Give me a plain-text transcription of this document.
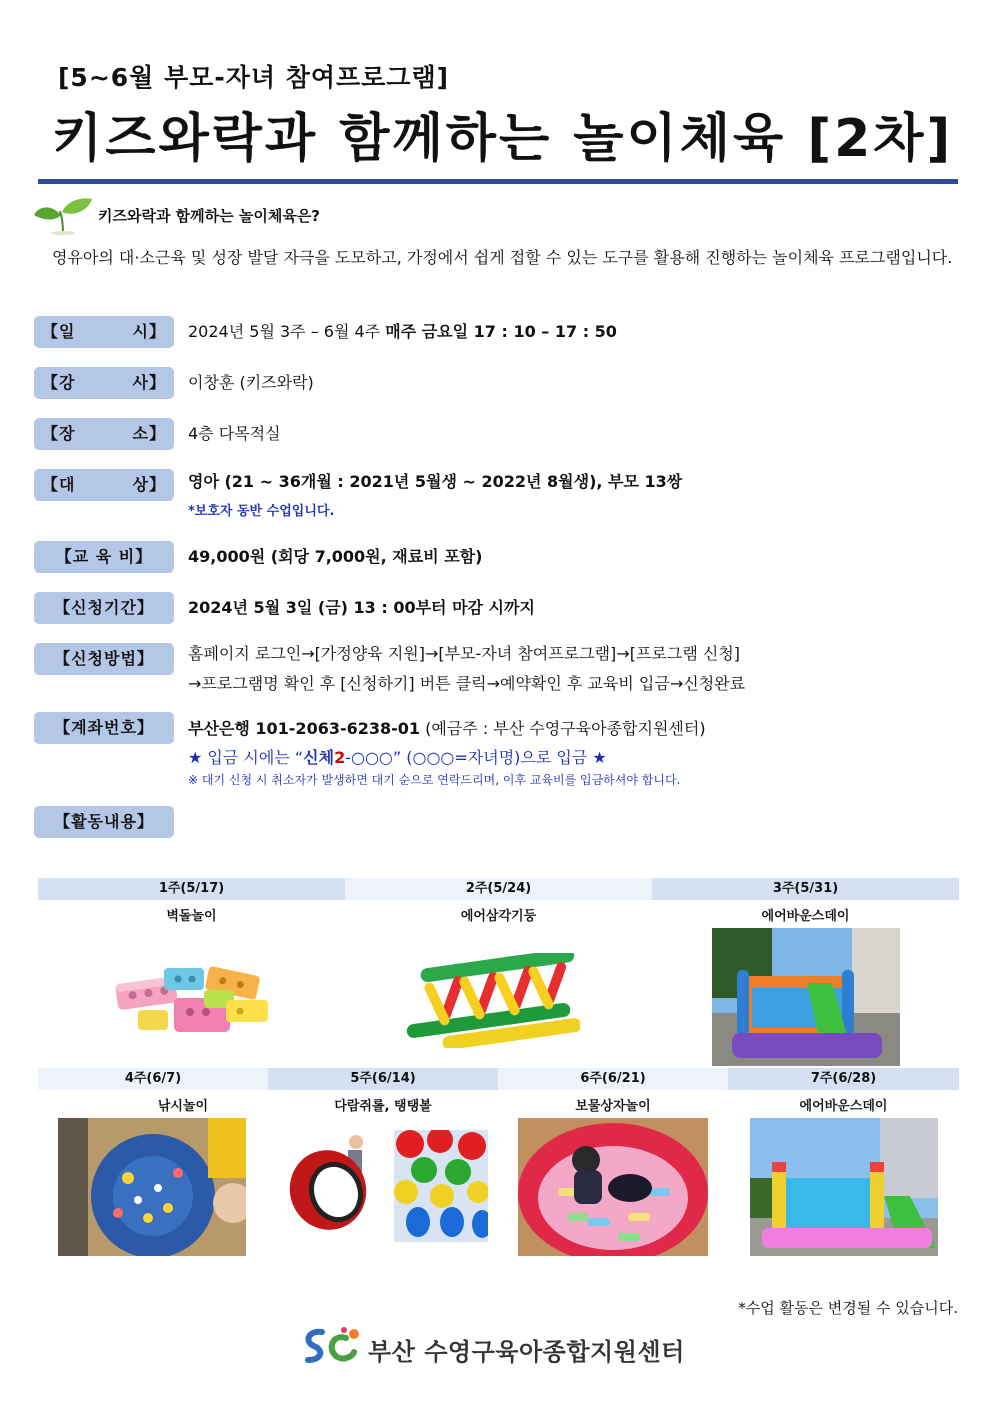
[5~6월 부모-자녀 참여프로그램]
키즈와락과 함께하는 놀이체육 [2차]
키즈와락과 함께하는 놀이체육은?
영유아의 대·소근육 및 성장 발달 자극을 도모하고, 가정에서 쉽게 접할 수 있는 도구를 활용해 진행하는 놀이체육 프로그램입니다.
【일	시】 2024년 5월 3주 – 6월 4주 매주 금요일 17 : 10 – 17 : 50
【강	사】 이창훈 (키즈와락)
【장	소】 4층 다목적실
【대	상】 영아 (21 ~ 36개월 : 2021년 5월생 ~ 2022년 8월생), 부모 13쌍
*보호자 동반 수업입니다.
【교 육 비】	49,000원 (회당 7,000원, 재료비 포함)
【신청기간】	2024년 5월 3일 (금) 13 : 00부터 마감 시까지
【신청방법】	홈페이지 로그인→[가정양육 지원]→[부모-자녀 참여프로그램]→[프로그램 신청]
→프로그램명 확인 후 [신청하기] 버튼 클릭→예약확인 후 교육비 입금→신청완료
【계좌번호】	부산은행 101-2063-6238-01 (예금주 : 부산 수영구육아종합지원센터)
★ 입금 시에는 “신체2-○○○” (○○○=자녀명)으로 입금 ★
※ 대기 신청 시 취소자가 발생하면 대기 순으로 연락드리며, 이후 교육비를 입금하셔야 합니다.
【활동내용】
1주(5/17)	2주(5/24)	3주(5/31)
벽돌놀이	에어삼각기둥	에어바운스데이
4주(6/7)	5주(6/14)	6주(6/21)	7주(6/28)
낚시놀이	다람쥐롤, 탱탱볼	보물상자놀이	에어바운스데이
*수업 활동은 변경될 수 있습니다.
부산 수영구육아종합지원센터
